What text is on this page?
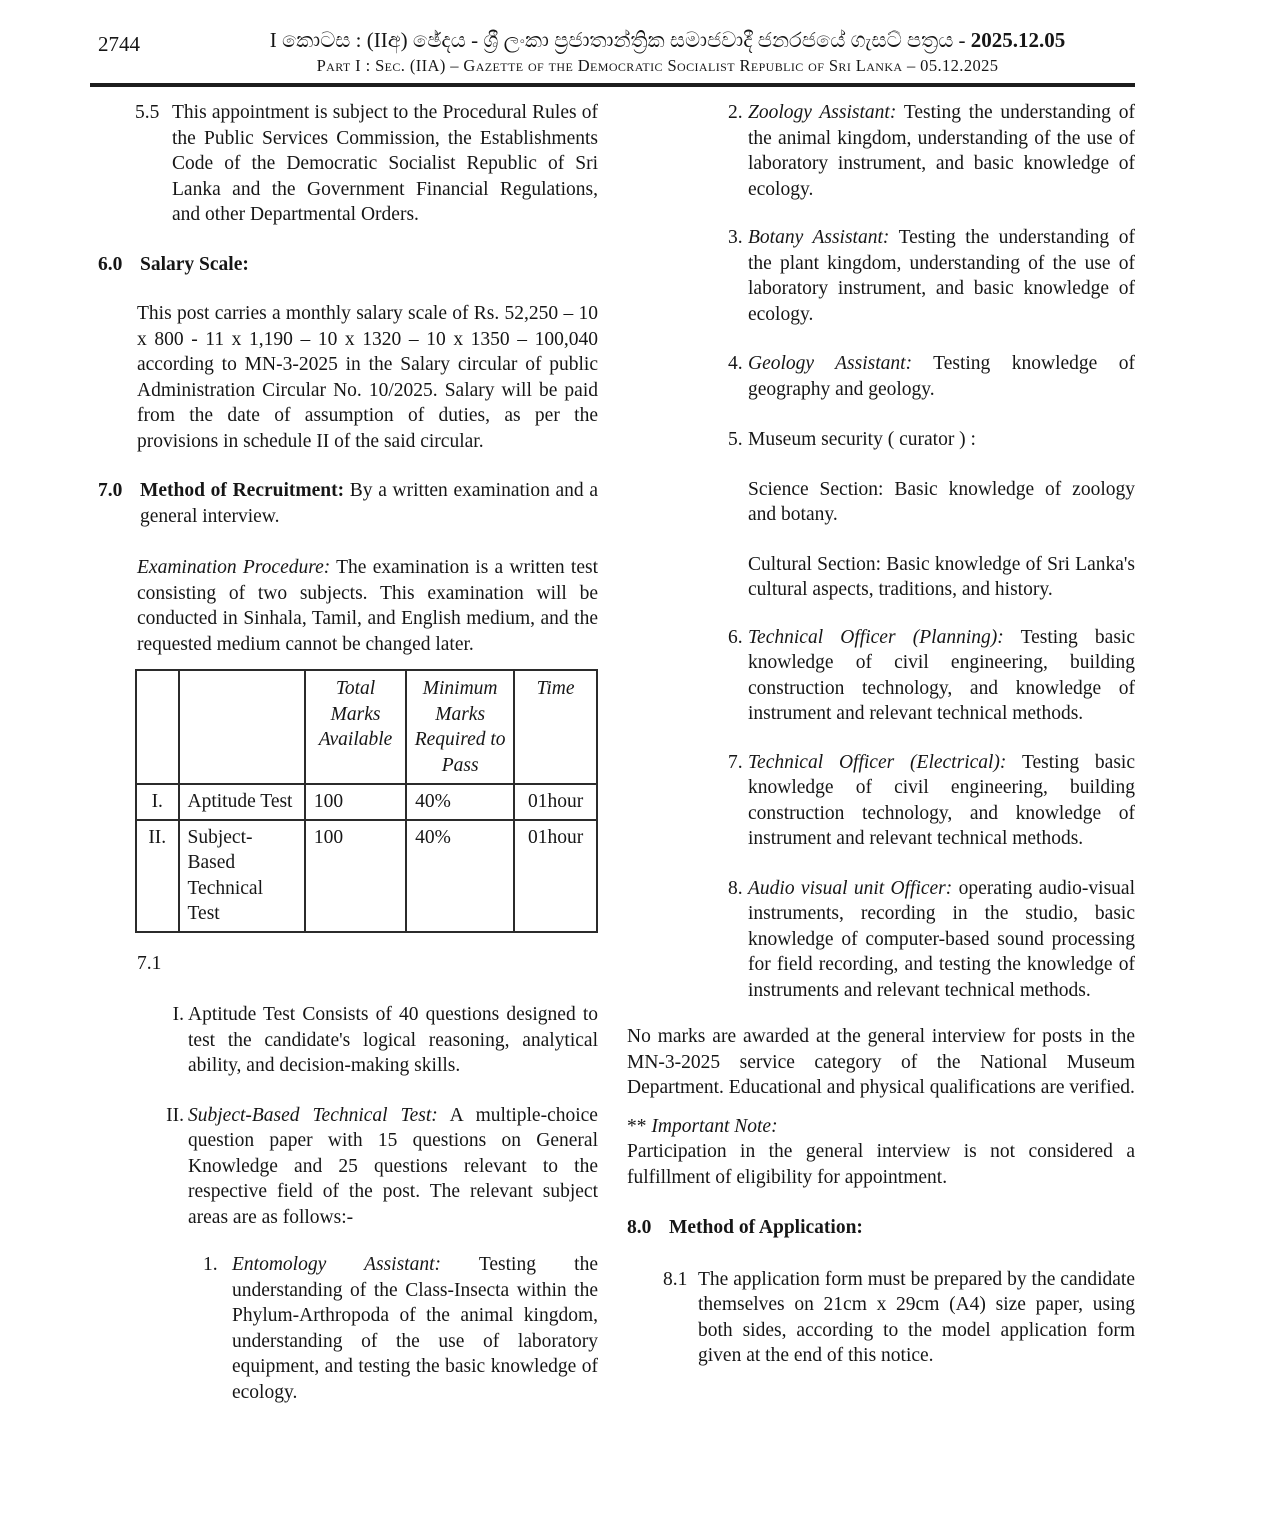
2744	I කොටස : (IIඅ) ඡේදය - ශ්‍රී ලංකා ප්‍රජාතාන්ත්‍රික සමාජවාදී ජනරජයේ ගැසට් පත්‍රය - 2025.12.05
Part I : Sec. (IIA) – Gazette of the Democratic Socialist Republic of Sri Lanka – 05.12.2025
5.5 This appointment is subject to the Procedural Rules of the Public Services Commission, the Establishments Code of the Democratic Socialist Republic of Sri Lanka and the Government Financial Regulations, and other Departmental Orders.
6.0 Salary Scale:

This post carries a monthly salary scale of Rs. 52,250 – 10 x 800 - 11 x 1,190 – 10 x 1320 – 10 x 1350 – 100,040 according to MN-3-2025 in the Salary circular of public Administration Circular No. 10/2025. Salary will be paid from the date of assumption of duties, as per the provisions in schedule II of the said circular.

7.0 Method of Recruitment: By a written examination and a general interview.

Examination Procedure: The examination is a written test consisting of two subjects. This examination will be conducted in Sinhala, Tamil, and English medium, and the requested medium cannot be changed later.

		Total Marks Available	Minimum Marks Required to Pass	Time
I.	Aptitude Test	100	40%	01hour
II.	Subject-Based Technical Test	100	40%	01hour

7.1

I. Aptitude Test Consists of 40 questions designed to test the candidate's logical reasoning, analytical ability, and decision-making skills.
II. Subject-Based Technical Test: A multiple-choice question paper with 15 questions on General Knowledge and 25 questions relevant to the respective field of the post. The relevant subject areas are as follows:-
1. Entomology Assistant: Testing the understanding of the Class-Insecta within the Phylum-Arthropoda of the animal kingdom, understanding of the use of laboratory equipment, and testing the basic knowledge of ecology.
2. Zoology Assistant: Testing the understanding of the animal kingdom, understanding of the use of laboratory instrument, and basic knowledge of ecology.
3. Botany Assistant: Testing the understanding of the plant kingdom, understanding of the use of laboratory instrument, and basic knowledge of ecology.
4. Geology Assistant: Testing knowledge of geography and geology.
5. Museum security ( curator ) :

Science Section: Basic knowledge of zoology and botany.

Cultural Section: Basic knowledge of Sri Lanka's cultural aspects, traditions, and history.

6. Technical Officer (Planning): Testing basic knowledge of civil engineering, building construction technology, and knowledge of instrument and relevant technical methods.
7. Technical Officer (Electrical): Testing basic knowledge of civil engineering, building construction technology, and knowledge of instrument and relevant technical methods.
8. Audio visual unit Officer: operating audio-visual instruments, recording in the studio, basic knowledge of computer-based sound processing for field recording, and testing the knowledge of instruments and relevant technical methods.

No marks are awarded at the general interview for posts in the MN-3-2025 service category of the National Museum Department. Educational and physical qualifications are verified.

** Important Note:
Participation in the general interview is not considered a fulfillment of eligibility for appointment.
8.0 Method of Application:
8.1 The application form must be prepared by the candidate themselves on 21cm x 29cm (A4) size paper, using both sides, according to the model application form given at the end of this notice.
